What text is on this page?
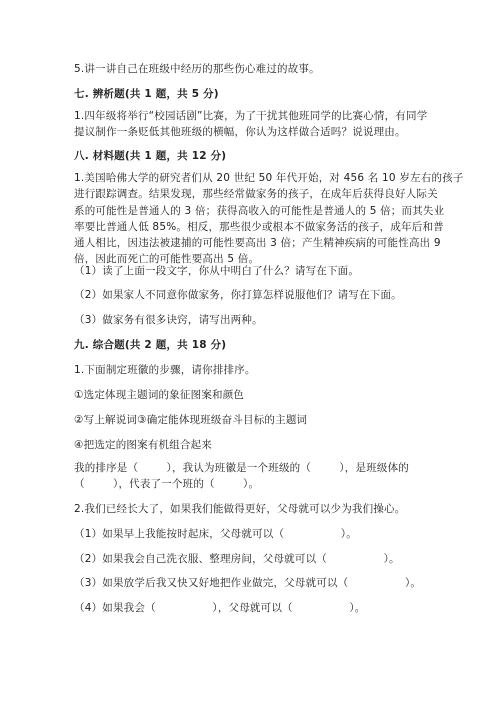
5.讲一讲自己在班级中经历的那些伤心难过的故事。
七. 辨析题(共 1 题，共 5 分)
1.四年级将举行“校园话剧”比赛，为了干扰其他班同学的比赛心情，有同学
提议制作一条贬低其他班级的横幅，你认为这样做合适吗？说说理由。
八. 材料题(共 1 题，共 12 分)
1.美国哈佛大学的研究者们从 20 世纪 50 年代开始，对 456 名 10 岁左右的孩子
进行跟踪调查。结果发现，那些经常做家务的孩子，在成年后获得良好人际关
系的可能性是普通人的 3 倍；获得高收入的可能性是普通人的 5 倍；而其失业
率要比普通人低 85%。相反，那些很少或根本不做家务活的孩子，成年后和普
通人相比，因违法被逮捕的可能性要高出 3 倍；产生精神疾病的可能性高出 9
倍，因此而死亡的可能性要高出 5 倍。
（1）读了上面一段文字，你从中明白了什么？请写在下面。
（2）如果家人不同意你做家务，你打算怎样说服他们？请写在下面。
（3）做家务有很多诀窍，请写出两种。
九. 综合题(共 2 题，共 18 分)
1.下面制定班徽的步骤，请你排排序。
①选定体现主题词的象征图案和颜色
②写上解说词③确定能体现班级奋斗目标的主题词
④把选定的图案有机组合起来
我的排序是（        ），我认为班徽是一个班级的（        ），是班级体的
（        ），代表了一个班的（        ）。
2.我们已经长大了，如果我们能做得更好，父母就可以少为我们操心。
（1）如果早上我能按时起床，父母就可以（                ）。
（2）如果我会自己洗衣服、整理房间，父母就可以（                ）。
（3）如果放学后我又快又好地把作业做完，父母就可以（                ）。
（4）如果我会（                ），父母就可以（                ）。
